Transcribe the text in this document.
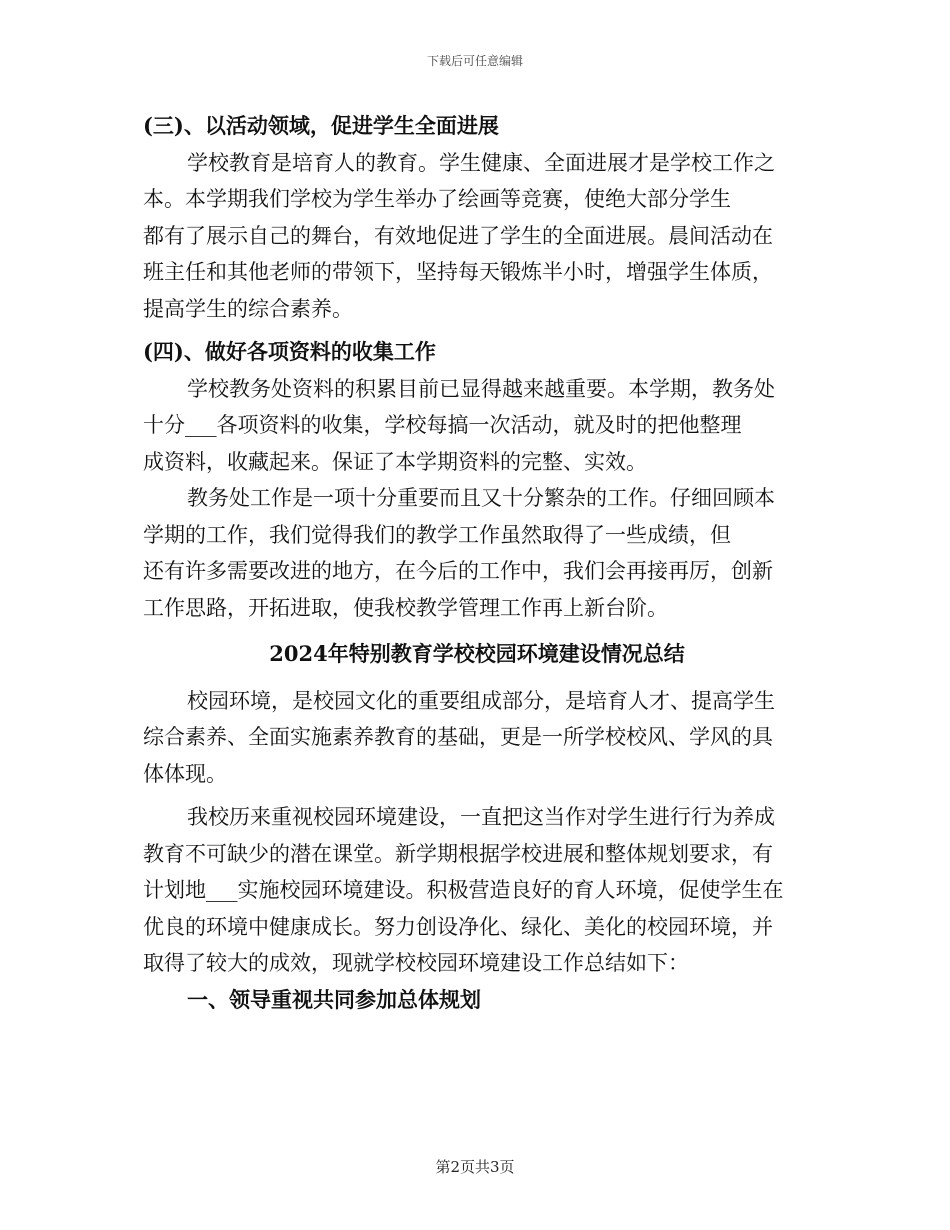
下载后可任意编辑
(三)、以活动领域，促进学生全面进展
学校教育是培育人的教育。学生健康、全面进展才是学校工作之
本。本学期我们学校为学生举办了绘画等竞赛，使绝大部分学生
都有了展示自己的舞台，有效地促进了学生的全面进展。晨间活动在
班主任和其他老师的带领下，坚持每天锻炼半小时，增强学生体质，
提高学生的综合素养。
(四)、做好各项资料的收集工作
学校教务处资料的积累目前已显得越来越重要。本学期，教务处
十分___各项资料的收集，学校每搞一次活动，就及时的把他整理
成资料，收藏起来。保证了本学期资料的完整、实效。
教务处工作是一项十分重要而且又十分繁杂的工作。仔细回顾本
学期的工作，我们觉得我们的教学工作虽然取得了一些成绩，但
还有许多需要改进的地方，在今后的工作中，我们会再接再厉，创新
工作思路，开拓进取，使我校教学管理工作再上新台阶。
2024年特别教育学校校园环境建设情况总结
校园环境，是校园文化的重要组成部分，是培育人才、提高学生
综合素养、全面实施素养教育的基础，更是一所学校校风、学风的具
体体现。
我校历来重视校园环境建设，一直把这当作对学生进行行为养成
教育不可缺少的潜在课堂。新学期根据学校进展和整体规划要求，有
计划地___实施校园环境建设。积极营造良好的育人环境，促使学生在
优良的环境中健康成长。努力创设净化、绿化、美化的校园环境，并
取得了较大的成效，现就学校校园环境建设工作总结如下：
一、领导重视共同参加总体规划
第2页共3页
